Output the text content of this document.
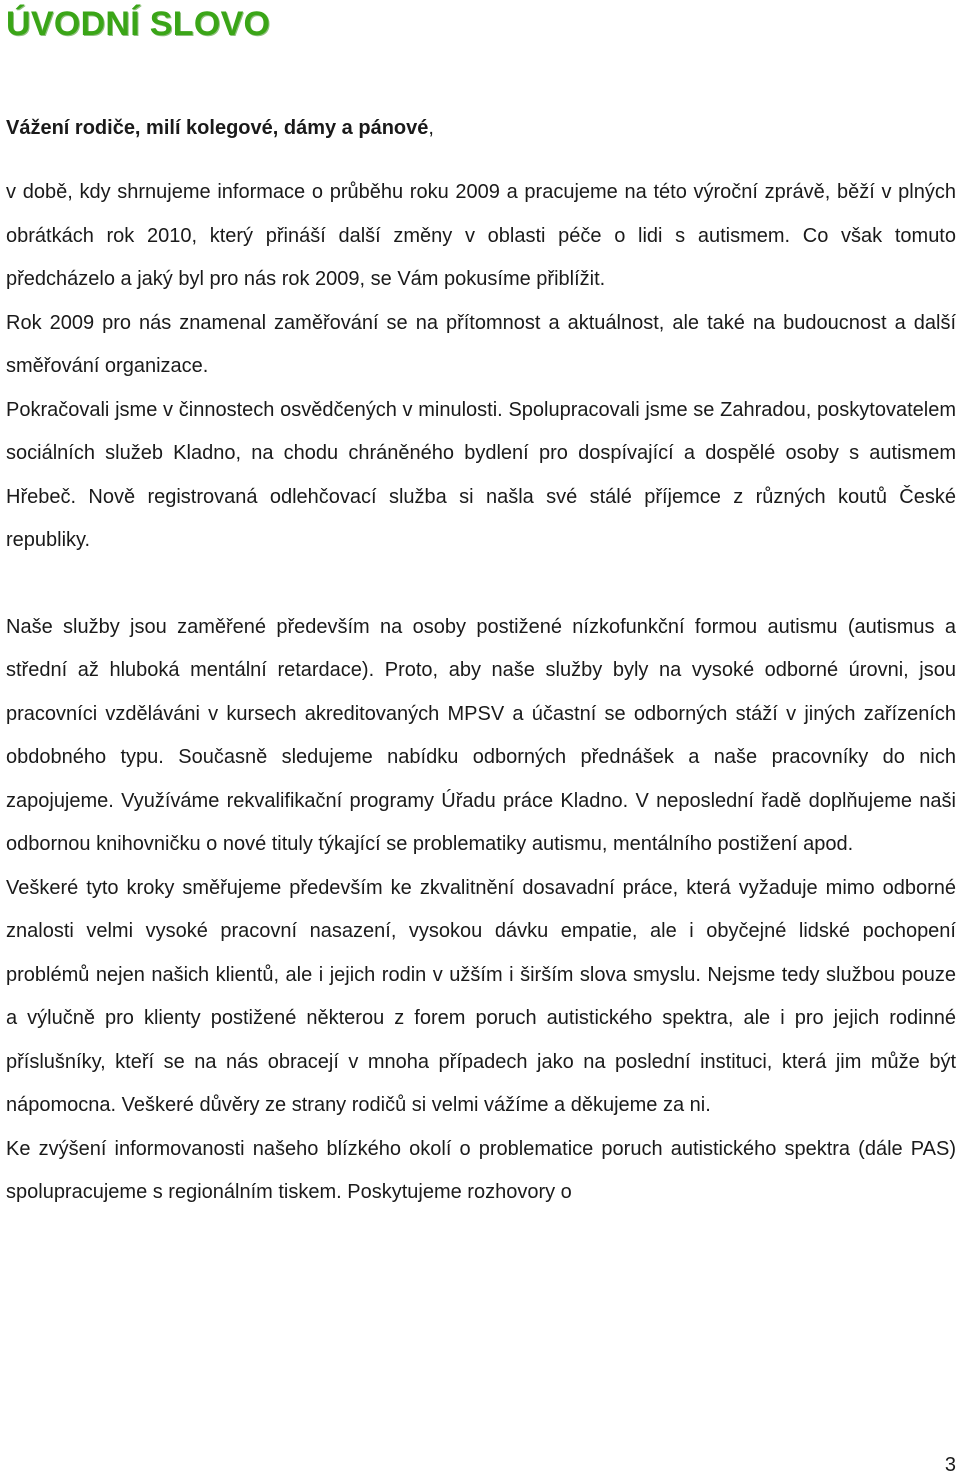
ÚVODNÍ SLOVO

Vážení rodiče, milí kolegové, dámy a pánové,

v době, kdy shrnujeme informace o průběhu roku 2009 a pracujeme na této výroční zprávě, běží v plných obrátkách rok 2010, který přináší další změny v oblasti péče o lidi s autismem. Co však tomuto předcházelo a jaký byl pro nás rok 2009, se Vám pokusíme přiblížit.

Rok 2009 pro nás znamenal zaměřování se na přítomnost a aktuálnost, ale také na budoucnost a další směřování organizace.

Pokračovali jsme v činnostech osvědčených v minulosti. Spolupracovali jsme se Zahradou, poskytovatelem sociálních služeb Kladno, na chodu chráněného bydlení pro dospívající a dospělé osoby s autismem Hřebeč. Nově registrovaná odlehčovací služba si našla své stálé příjemce z různých koutů České republiky.

Naše služby jsou zaměřené především na osoby postižené nízkofunkční formou autismu (autismus a střední až hluboká mentální retardace). Proto, aby naše služby byly na vysoké odborné úrovni, jsou pracovníci vzděláváni v kursech akreditovaných MPSV a účastní se odborných stáží v jiných zařízeních obdobného typu. Současně sledujeme nabídku odborných přednášek a naše pracovníky do nich zapojujeme. Využíváme rekvalifikační programy Úřadu práce Kladno. V neposlední řadě doplňujeme naši odbornou knihovničku o nové tituly týkající se problematiky autismu, mentálního postižení apod.

Veškeré tyto kroky směřujeme především ke zkvalitnění dosavadní práce, která vyžaduje mimo odborné znalosti velmi vysoké pracovní nasazení, vysokou dávku empatie, ale i obyčejné lidské pochopení problémů nejen našich klientů, ale i jejich rodin v užším i širším slova smyslu. Nejsme tedy službou pouze a výlučně pro klienty postižené některou z forem poruch autistického spektra, ale i pro jejich rodinné příslušníky, kteří se na nás obracejí v mnoha případech jako na poslední instituci, která jim může být nápomocna. Veškeré důvěry ze strany rodičů si velmi vážíme a děkujeme za ni.

Ke zvýšení informovanosti našeho blízkého okolí o problematice poruch autistického spektra (dále PAS) spolupracujeme s regionálním tiskem. Poskytujeme rozhovory o

3
